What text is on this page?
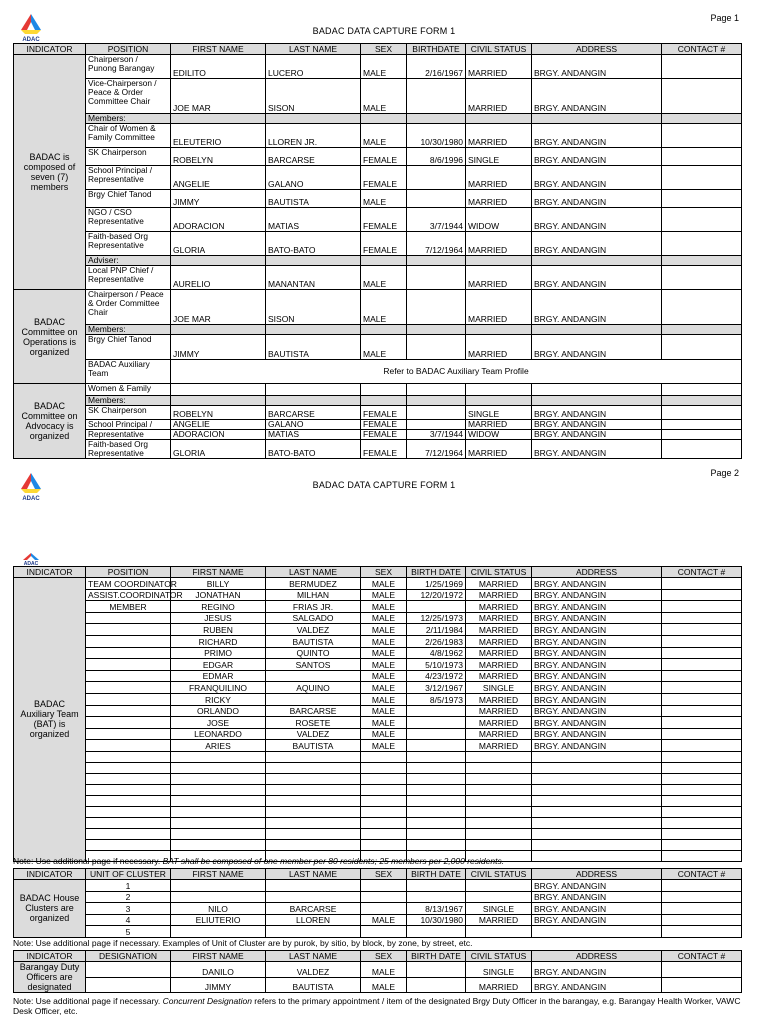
ADAC
Page 1
BADAC DATA CAPTURE FORM 1
INDICATOR	POSITION	FIRST NAME	LAST NAME	SEX	BIRTHDATE	CIVIL STATUS	ADDRESS	CONTACT #
BADAC is composed of seven (7) members	Chairperson / Punong Barangay	EDILITO	LUCERO	MALE	2/16/1967	MARRIED	BRGY. ANDANGIN	
	Vice-Chairperson / Peace & Order Committee Chair	JOE MAR	SISON	MALE		MARRIED	BRGY. ANDANGIN	
	Members:							
	Chair of Women & Family Committee	ELEUTERIO	LLOREN JR.	MALE	10/30/1980	MARRIED	BRGY. ANDANGIN	
	SK Chairperson	ROBELYN	BARCARSE	FEMALE	8/6/1996	SINGLE	BRGY. ANDANGIN	
	School Principal / Representative	ANGELIE	GALANO	FEMALE		MARRIED	BRGY. ANDANGIN	
	Brgy Chief Tanod	JIMMY	BAUTISTA	MALE		MARRIED	BRGY. ANDANGIN	
	NGO / CSO Representative	ADORACION	MATIAS	FEMALE	3/7/1944	WIDOW	BRGY. ANDANGIN	
	Faith-based Org Representative	GLORIA	BATO-BATO	FEMALE	7/12/1964	MARRIED	BRGY. ANDANGIN	
	Adviser:							
	Local PNP Chief / Representative	AURELIO	MANANTAN	MALE		MARRIED	BRGY. ANDANGIN	
BADAC Committee on Operations is organized	Chairperson / Peace & Order Committee Chair	JOE MAR	SISON	MALE		MARRIED	BRGY. ANDANGIN	
	Members:							
	Brgy Chief Tanod	JIMMY	BAUTISTA	MALE		MARRIED	BRGY. ANDANGIN	
	BADAC Auxiliary Team	Refer to BADAC Auxiliary Team Profile						
BADAC Committee on Advocacy is organized	Women & Family							
	Members:							
	SK Chairperson	ROBELYN	BARCARSE	FEMALE		SINGLE	BRGY. ANDANGIN	
	School Principal /	ANGELIE	GALANO	FEMALE		MARRIED	BRGY. ANDANGIN	
	Representative	ADORACION	MATIAS	FEMALE	3/7/1944	WIDOW	BRGY. ANDANGIN	
	Faith-based Org Representative	GLORIA	BATO-BATO	FEMALE	7/12/1964	MARRIED	BRGY. ANDANGIN	
Page 2
ADAC
BADAC DATA CAPTURE FORM 1
ADAC
INDICATOR	POSITION	FIRST NAME	LAST NAME	SEX	BIRTH DATE	CIVIL STATUS	ADDRESS	CONTACT #
BADAC Auxiliary Team (BAT) is organized	TEAM COORDINATOR	BILLY	BERMUDEZ	MALE	1/25/1969	MARRIED	BRGY. ANDANGIN	
	ASSIST.COORDINATOR	JONATHAN	MILHAN	MALE	12/20/1972	MARRIED	BRGY. ANDANGIN	
	MEMBER	REGINO	FRIAS JR.	MALE		MARRIED	BRGY. ANDANGIN	
		JESUS	SALGADO	MALE	12/25/1973	MARRIED	BRGY. ANDANGIN	
		RUBEN	VALDEZ	MALE	2/11/1984	MARRIED	BRGY. ANDANGIN	
		RICHARD	BAUTISTA	MALE	2/26/1983	MARRIED	BRGY. ANDANGIN	
		PRIMO	QUINTO	MALE	4/8/1962	MARRIED	BRGY. ANDANGIN	
		EDGAR	SANTOS	MALE	5/10/1973	MARRIED	BRGY. ANDANGIN	
		EDMAR		MALE	4/23/1972	MARRIED	BRGY. ANDANGIN	
		FRANQUILINO	AQUINO	MALE	3/12/1967	SINGLE	BRGY. ANDANGIN	
		RICKY		MALE	8/5/1973	MARRIED	BRGY. ANDANGIN	
		ORLANDO	BARCARSE	MALE		MARRIED	BRGY. ANDANGIN	
		JOSE	ROSETE	MALE		MARRIED	BRGY. ANDANGIN	
		LEONARDO	VALDEZ	MALE		MARRIED	BRGY. ANDANGIN	
		ARIES	BAUTISTA	MALE		MARRIED	BRGY. ANDANGIN	

Note: Use additional page if necessary. BAT shall be composed of one member per 80 residents; 25 members per 2,000 residents.
INDICATOR	UNIT OF CLUSTER	FIRST NAME	LAST NAME	SEX	BIRTH DATE	CIVIL STATUS	ADDRESS	CONTACT #
BADAC House Clusters are organized	1						BRGY. ANDANGIN	
	2						BRGY. ANDANGIN	
	3	NILO	BARCARSE		8/13/1967	SINGLE	BRGY. ANDANGIN	
	4	ELIUTERIO	LLOREN	MALE	10/30/1980	MARRIED	BRGY. ANDANGIN	
	5							
Note: Use additional page if necessary. Examples of Unit of Cluster are by purok, by sitio, by block, by zone, by street, etc.
INDICATOR	DESIGNATION	FIRST NAME	LAST NAME	SEX	BIRTH DATE	CIVIL STATUS	ADDRESS	CONTACT #
Barangay Duty Officers are designated		DANILO	VALDEZ	MALE		SINGLE	BRGY. ANDANGIN	
		JIMMY	BAUTISTA	MALE		MARRIED	BRGY. ANDANGIN	
Note: Use additional page if necessary. Concurrent Designation refers to the primary appointment / item of the designated Brgy Duty Officer in the barangay, e.g. Barangay Health Worker, VAWC Desk Officer, etc.
